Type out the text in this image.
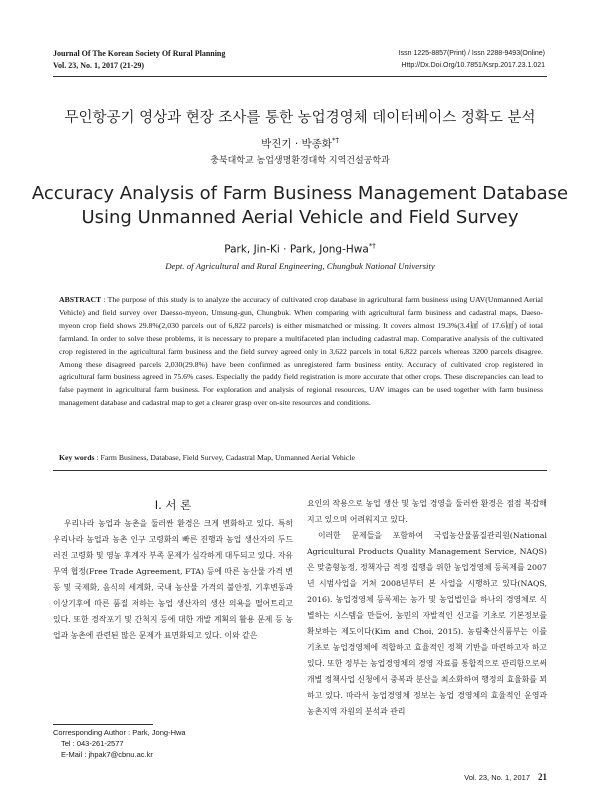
Journal Of The Korean Society Of Rural Planning
Vol. 23, No. 1, 2017 (21-29)
Issn 1225-8857(Print) / Issn 2288-9493(Online)
Http://Dx.Doi.Org/10.7851/Ksrp.2017.23.1.021
무인항공기 영상과 현장 조사를 통한 농업경영체 데이터베이스 정확도 분석
박진기 · 박종화*†
충북대학교 농업생명환경대학 지역건설공학과
Accuracy Analysis of Farm Business Management Database
Using Unmanned Aerial Vehicle and Field Survey
Park, Jin-Ki · Park, Jong-Hwa*†
Dept. of Agricultural and Rural Engineering, Chungbuk National University
ABSTRACT : The purpose of this study is to analyze the accuracy of cultivated crop database in agricultural farm business using UAV(Unmanned Aerial Vehicle) and field survey over Daesso-myeon, Umsung-gun, Chungbuk. When comparing with agricultural farm business and cadastral maps, Daeso-myeon crop field shows 29.8%(2,030 parcels out of 6,822 parcels) is either mismatched or missing. It covers almost 19.3%(3.4㎢ of 17.6㎢) of total farmland. In order to solve these problems, it is necessary to prepare a multifaceted plan including cadastral map. Comparative analysis of the cultivated crop registered in the agricultural farm business and the field survey agreed only in 3,622 parcels in total 6,822 parcels whereas 3200 parcels disagree. Among these disagreed parcels 2,030(29.8%) have been confirmed as unregistered farm business entity. Accuracy of cultivated crop registered in agricultural farm business agreed in 75.6% cases. Especially the paddy field registration is more accurate that other crops. These discrepancies can lead to false payment in agricultural farm business. For exploration and analysis of regional resources, UAV images can be used together with farm business management database and cadastral map to get a clearer grasp over on-site resources and conditions.
Key words : Farm Business, Database, Field Survey, Cadastral Map, Unmanned Aerial Vehicle
Ⅰ. 서 론

우리나라 농업과 농촌을 둘러싼 환경은 크게 변화하고 있다. 특히 우리나라 농업과 농촌 인구 고령화의 빠른 진행과 농업 생산자의 두드러진 고령화 및 영농 후계자 부족 문제가 심각하게 대두되고 있다. 자유 무역 협정(Free Trade Agreement, FTA) 등에 따른 농산물 가격 변동 및 국제화, 음식의 세계화, 국내 농산물 가격의 불안정, 기후변동과 이상기후에 따른 품질 저하는 농업 생산자의 생산 의욕을 떨어트리고 있다. 또한 경작포기 및 간척지 등에 대한 개발 계획의 활용 문제 등 농업과 농촌에 관련된 많은 문제가 표면화되고 있다. 이와 같은

요인의 작용으로 농업 생산 및 농업 경영을 둘러싼 환경은 점점 복잡해지고 있으며 어려워지고 있다.

이러한 문제들을 포함하여 국립농산물품질관리원(National Agricultural Products Quality Management Service, NAQS)은 맞춤형농정, 정책자금 적정 집행을 위한 농업경영체 등록제를 2007년 시범사업을 거쳐 2008년부터 본 사업을 시행하고 있다(NAQS, 2016). 농업경영체 등록제는 농가 및 농업법인을 하나의 경영체로 식별하는 시스템을 만들어, 농민의 자발적인 신고를 기초로 기본정보를 확보하는 제도이다(Kim and Choi, 2015). 농림축산식품부는 이를 기초로 농업경영체에 적합하고 효율적인 정책 기반을 마련하고자 하고 있다. 또한 정부는 농업경영체의 경영 자료를 통합적으로 관리함으로써 개별 정책사업 신청에서 중복과 분산을 최소화하여 행정의 효율화를 꾀하고 있다. 따라서 농업경영체 정보는 농업 경영체의 효율적인 운영과 농촌지역 자원의 분석과 관리

Corresponding Author : Park, Jong-Hwa
Tel : 043-261-2577
E-Mail : jhpak7@cbnu.ac.kr
Vol. 23, No. 1, 2017 21
